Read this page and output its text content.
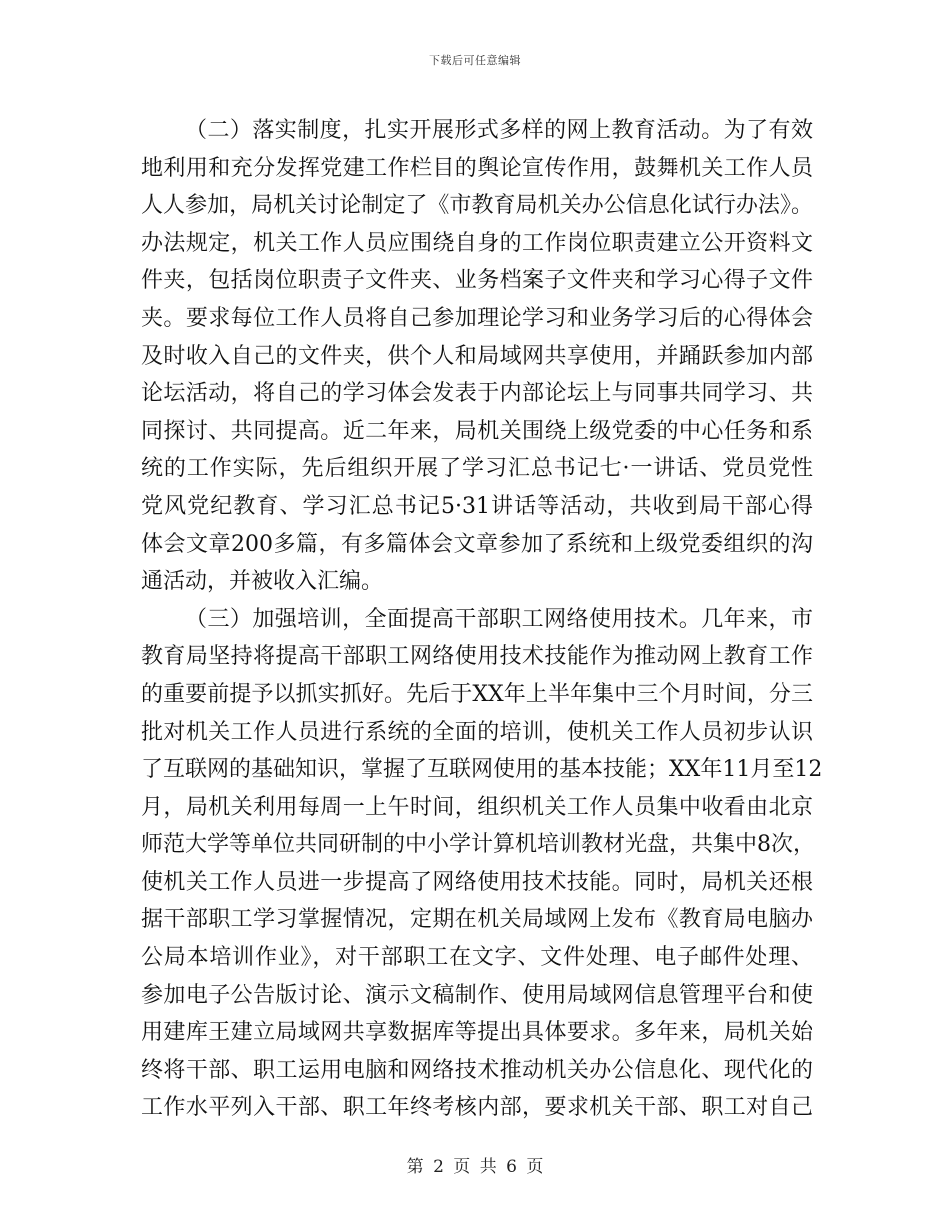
下载后可任意编辑
（二）落实制度，扎实开展形式多样的网上教育活动。为了有效
地利用和充分发挥党建工作栏目的舆论宣传作用，鼓舞机关工作人员
人人参加，局机关讨论制定了《市教育局机关办公信息化试行办法》。
办法规定，机关工作人员应围绕自身的工作岗位职责建立公开资料文
件夹，包括岗位职责子文件夹、业务档案子文件夹和学习心得子文件
夹。要求每位工作人员将自己参加理论学习和业务学习后的心得体会
及时收入自己的文件夹，供个人和局域网共享使用，并踊跃参加内部
论坛活动，将自己的学习体会发表于内部论坛上与同事共同学习、共
同探讨、共同提高。近二年来，局机关围绕上级党委的中心任务和系
统的工作实际，先后组织开展了学习汇总书记七·一讲话、党员党性
党风党纪教育、学习汇总书记5·31讲话等活动，共收到局干部心得
体会文章200多篇，有多篇体会文章参加了系统和上级党委组织的沟
通活动，并被收入汇编。
（三）加强培训，全面提高干部职工网络使用技术。几年来，市
教育局坚持将提高干部职工网络使用技术技能作为推动网上教育工作
的重要前提予以抓实抓好。先后于XX年上半年集中三个月时间，分三
批对机关工作人员进行系统的全面的培训，使机关工作人员初步认识
了互联网的基础知识，掌握了互联网使用的基本技能；XX年11月至12
月，局机关利用每周一上午时间，组织机关工作人员集中收看由北京
师范大学等单位共同研制的中小学计算机培训教材光盘，共集中8次，
使机关工作人员进一步提高了网络使用技术技能。同时，局机关还根
据干部职工学习掌握情况，定期在机关局域网上发布《教育局电脑办
公局本培训作业》，对干部职工在文字、文件处理、电子邮件处理、
参加电子公告版讨论、演示文稿制作、使用局域网信息管理平台和使
用建库王建立局域网共享数据库等提出具体要求。多年来，局机关始
终将干部、职工运用电脑和网络技术推动机关办公信息化、现代化的
工作水平列入干部、职工年终考核内部，要求机关干部、职工对自己
第 2 页 共 6 页
